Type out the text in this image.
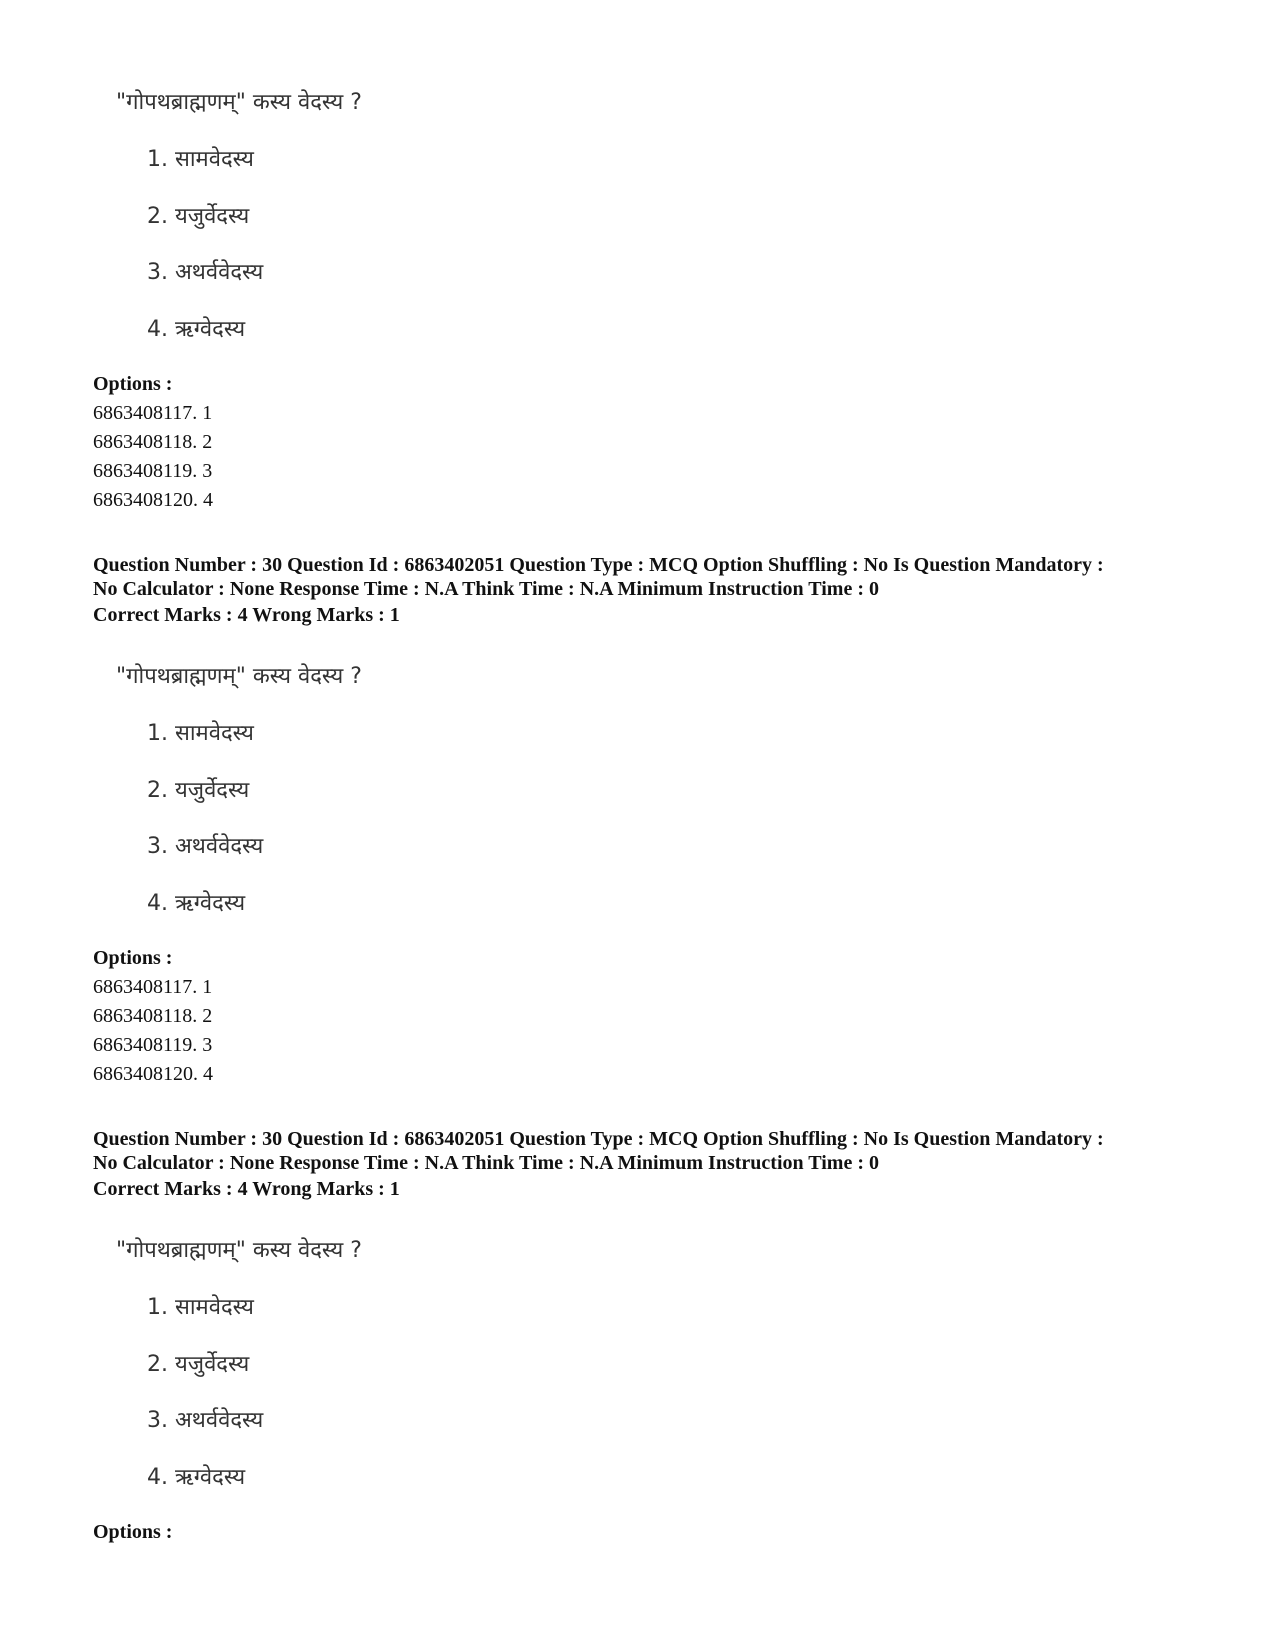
"गोपथब्राह्मणम्" कस्य वेदस्य ?
1. सामवेदस्य
2. यजुर्वेदस्य
3. अथर्ववेदस्य
4. ऋग्वेदस्य
Options :
6863408117. 1
6863408118. 2
6863408119. 3
6863408120. 4
Question Number : 30 Question Id : 6863402051 Question Type : MCQ Option Shuffling : No Is Question Mandatory :
No Calculator : None Response Time : N.A Think Time : N.A Minimum Instruction Time : 0
Correct Marks : 4 Wrong Marks : 1
"गोपथब्राह्मणम्" कस्य वेदस्य ?
1. सामवेदस्य
2. यजुर्वेदस्य
3. अथर्ववेदस्य
4. ऋग्वेदस्य
Options :
6863408117. 1
6863408118. 2
6863408119. 3
6863408120. 4
Question Number : 30 Question Id : 6863402051 Question Type : MCQ Option Shuffling : No Is Question Mandatory :
No Calculator : None Response Time : N.A Think Time : N.A Minimum Instruction Time : 0
Correct Marks : 4 Wrong Marks : 1
"गोपथब्राह्मणम्" कस्य वेदस्य ?
1. सामवेदस्य
2. यजुर्वेदस्य
3. अथर्ववेदस्य
4. ऋग्वेदस्य
Options :
